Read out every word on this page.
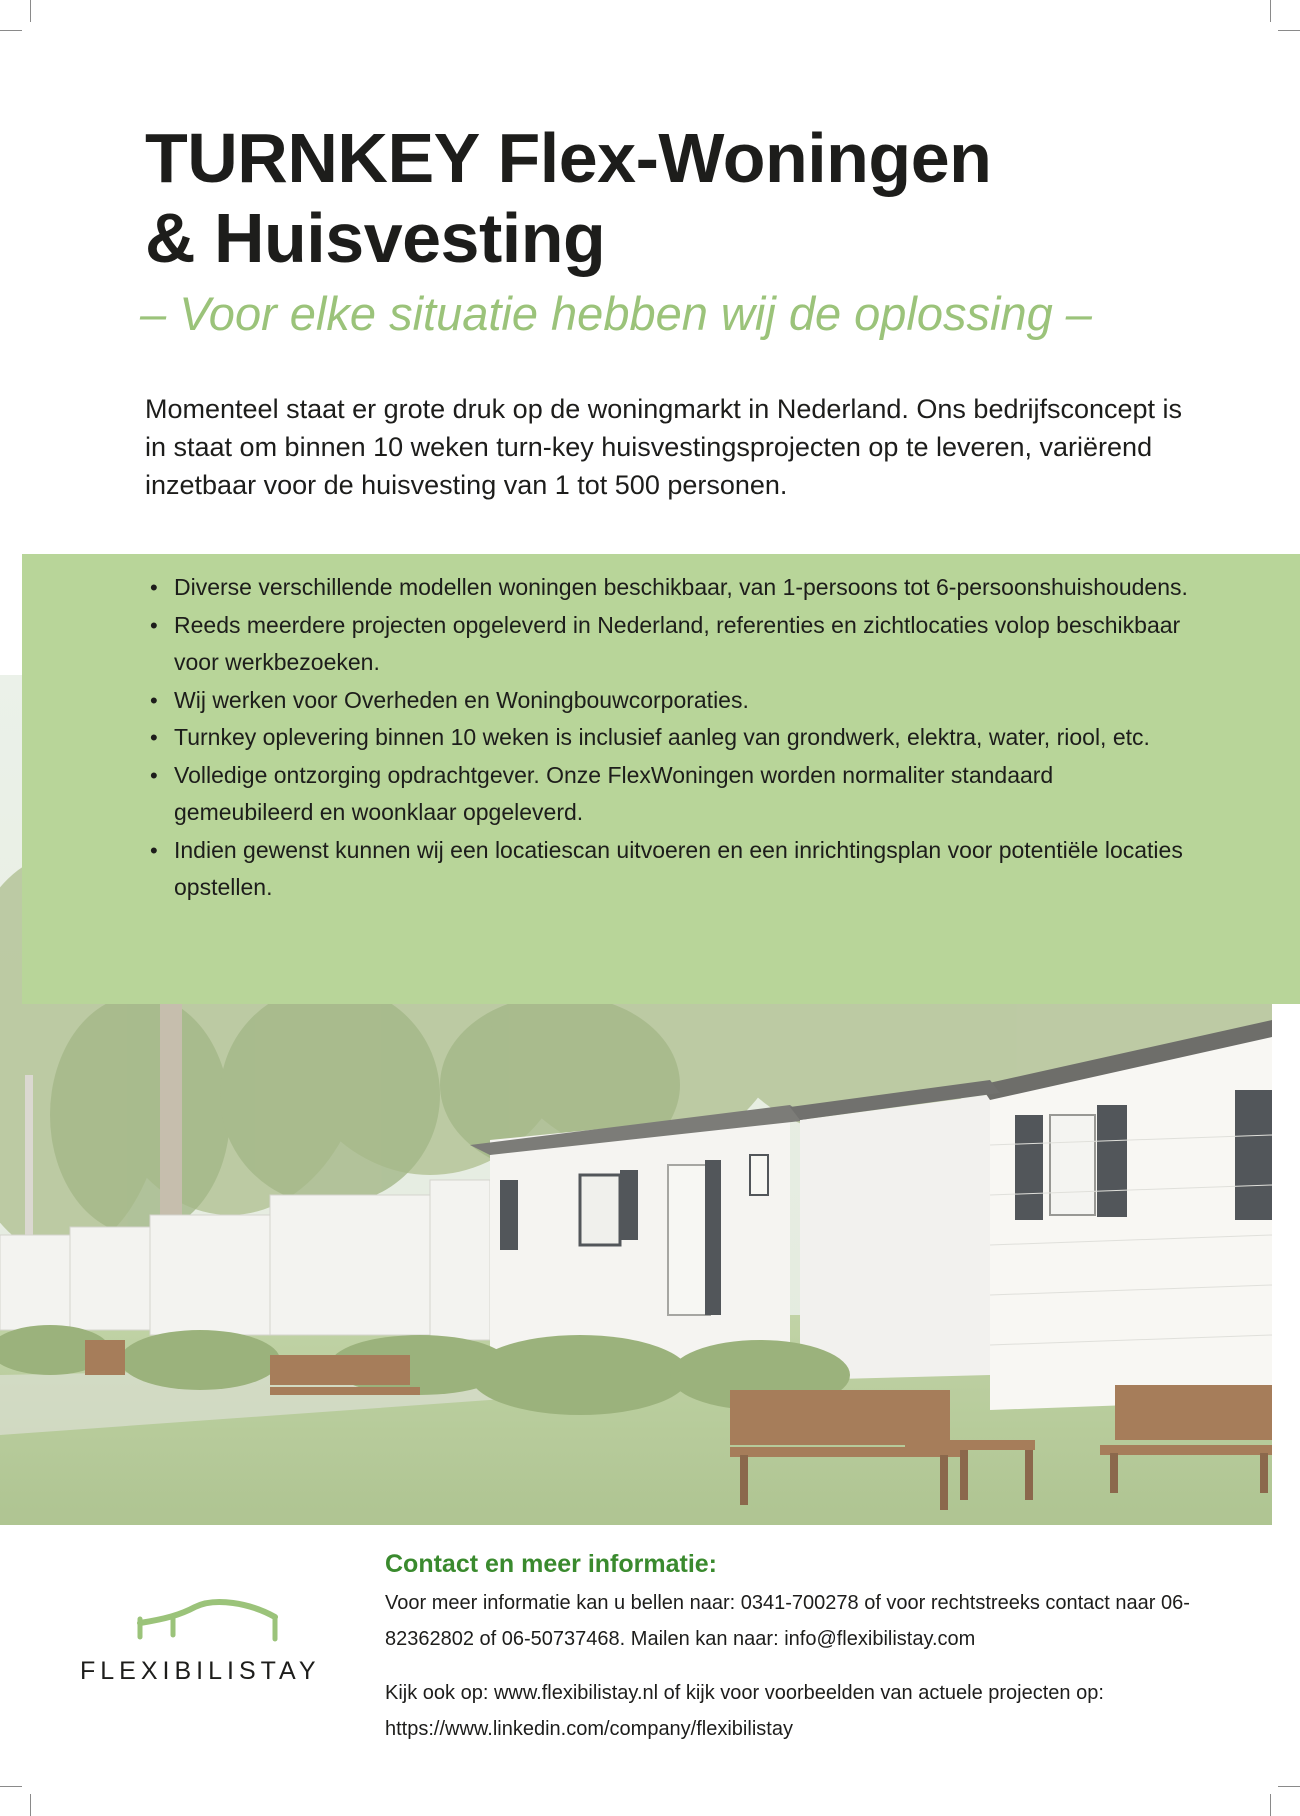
TURNKEY Flex-Woningen
& Huisvesting

– Voor elke situatie hebben wij de oplossing –

Momenteel staat er grote druk op de woningmarkt in Nederland. Ons bedrijfsconcept is in staat om binnen 10 weken turn-key huisvestingsprojecten op te leveren, variërend inzetbaar voor de huisvesting van 1 tot 500 personen.

• Diverse verschillende modellen woningen beschikbaar, van 1-persoons tot 6-persoonshuishoudens.
• Reeds meerdere projecten opgeleverd in Nederland, referenties en zichtlocaties volop beschikbaar voor werkbezoeken.
• Wij werken voor Overheden en Woningbouwcorporaties.
• Turnkey oplevering binnen 10 weken is inclusief aanleg van grondwerk, elektra, water, riool, etc.
• Volledige ontzorging opdrachtgever. Onze FlexWoningen worden normaliter standaard gemeubileerd en woonklaar opgeleverd.
• Indien gewenst kunnen wij een locatiescan uitvoeren en een inrichtingsplan voor potentiële locaties opstellen.
FLEXIBILISTAY
Contact en meer informatie:

Voor meer informatie kan u bellen naar: 0341-700278 of voor rechtstreeks contact naar 06-82362802 of 06-50737468. Mailen kan naar: info@flexibilistay.com

Kijk ook op: www.flexibilistay.nl of kijk voor voorbeelden van actuele projecten op: https://www.linkedin.com/company/flexibilistay
